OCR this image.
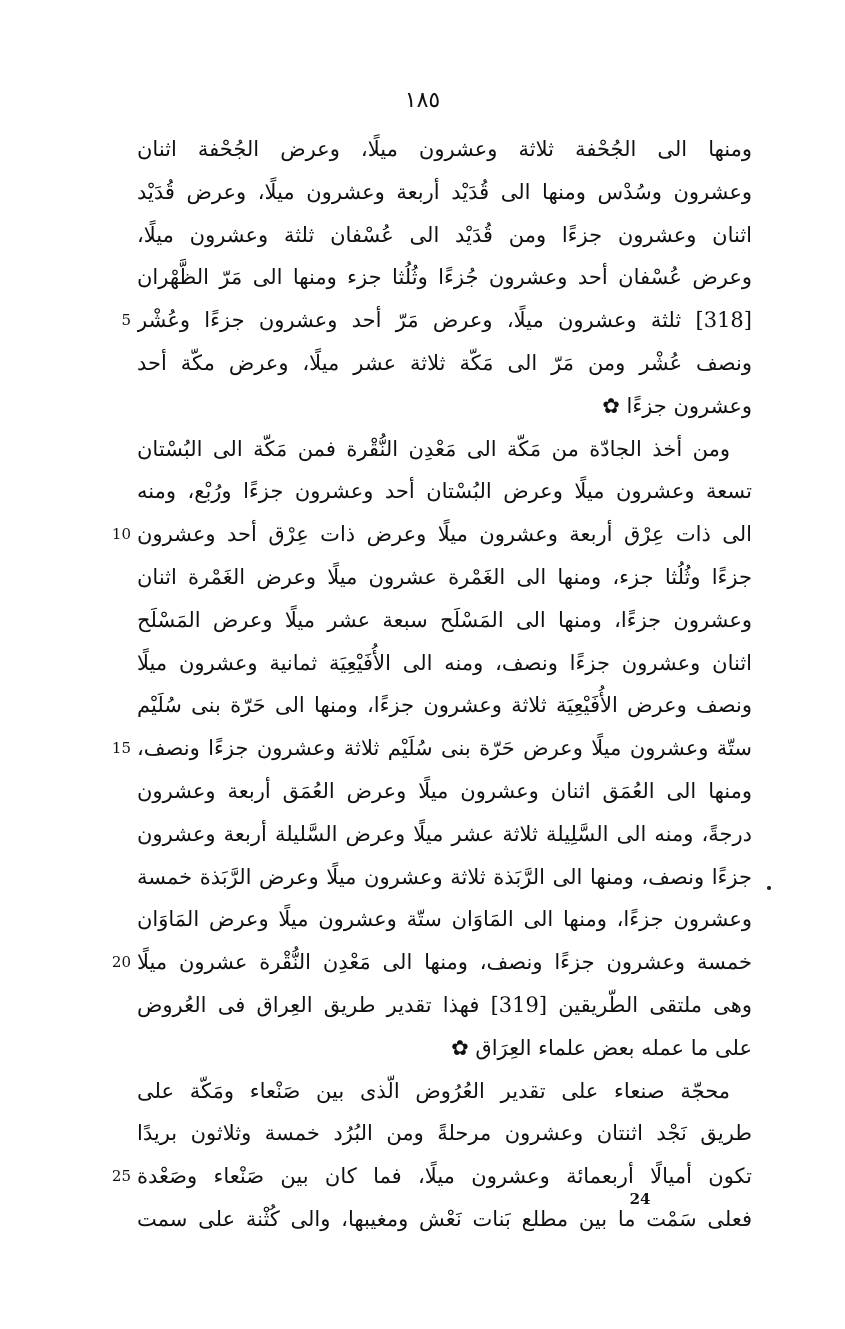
١٨٥
ومنها الى الجُحْفة ثلاثة وعشرون ميلًا، وعرض الجُحْفة اثنان
وعشرون وسُدْس ومنها الى قُدَيْد أربعة وعشرون ميلًا، وعرض قُدَيْد
اثنان وعشرون جزءًا ومن قُدَيْد الى عُسْفان ثلثة وعشرون ميلًا،
وعرض عُسْفان أحد وعشرون جُزءًا وثُلُثا جزء ومنها الى مَرّ الظَّهْران
[318] ثلثة وعشرون ميلًا، وعرض مَرّ أحد وعشرون جزءًا وعُشْر
ونصف عُشْر ومن مَرّ الى مَكّة ثلاثة عشر ميلًا، وعرض مكّة أحد
وعشرون جزءًا ✿
ومن أخذ الجادّة من مَكّة الى مَعْدِن النُّقْرة فمن مَكّة الى البُسْتان
تسعة وعشرون ميلًا وعرض البُسْتان أحد وعشرون جزءًا ورُبْع، ومنه
الى ذات عِرْق أربعة وعشرون ميلًا وعرض ذات عِرْق أحد وعشرون
جزءًا وثُلُثا جزء، ومنها الى الغَمْرة عشرون ميلًا وعرض الغَمْرة اثنان
وعشرون جزءًا، ومنها الى المَسْلَح سبعة عشر ميلًا وعرض المَسْلَح
اثنان وعشرون جزءًا ونصف، ومنه الى الأُفَيْعِيَة ثمانية وعشرون ميلًا
ونصف وعرض الأُفَيْعِيَة ثلاثة وعشرون جزءًا، ومنها الى حَرّة بنى سُلَيْم
ستّة وعشرون ميلًا وعرض حَرّة بنى سُلَيْم ثلاثة وعشرون جزءًا ونصف،
ومنها الى العُمَق اثنان وعشرون ميلًا وعرض العُمَق أربعة وعشرون
درجةً، ومنه الى السَّلِيلة ثلاثة عشر ميلًا وعرض السَّليلة أربعة وعشرون
جزءًا ونصف، ومنها الى الرَّبَذة ثلاثة وعشرون ميلًا وعرض الرَّبَذة خمسة
وعشرون جزءًا، ومنها الى المَاوَان ستّة وعشرون ميلًا وعرض المَاوَان
خمسة وعشرون جزءًا ونصف، ومنها الى مَعْدِن النُّقْرة عشرون ميلًا
وهى ملتقى الطّريقين [319] فهذا تقدير طريق العِراق فى العُروض
على ما عمله بعض علماء العِرَاق ✿
محجّة صنعاء على تقدير العُرُوض الّذى بين صَنْعاء ومَكّة على
طريق نَجْد اثنتان وعشرون مرحلةً ومن البُرُد خمسة وثلاثون بريدًا
تكون أميالًا أربعمائة وعشرون ميلًا، فما كان بين صَنْعاء وصَعْدة
فعلى سَمْت ما بين مطلع بَنات نَعْش ومغيبها، والى كُثْنة على سمت
5
10
15
20
25
24
